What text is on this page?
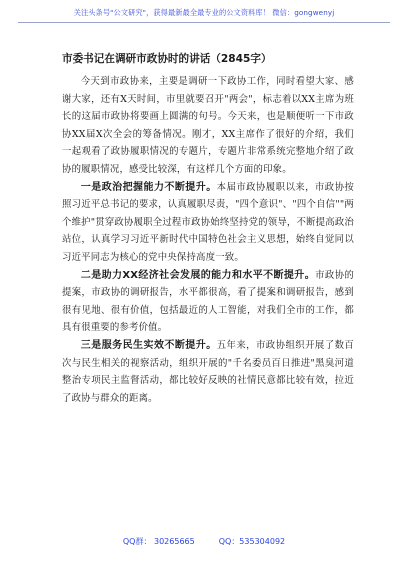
关注头条号"公文研究"，获得最新最全最专业的公文资料库！ 微信：gongwenyj
市委书记在调研市政协时的讲话（2845字）

今天到市政协来，主要是调研一下政协工作，同时看望大家、感谢大家，还有X天时间，市里就要召开"两会"，标志着以XX主席为班长的这届市政协将要画上圆满的句号。今天来，也是顺便听一下市政协XX届X次全会的筹备情况。刚才，XX主席作了很好的介绍，我们一起观看了政协履职情况的专题片，专题片非常系统完整地介绍了政协的履职情况，感受比较深，有这样几个方面的印象。

一是政治把握能力不断提升。本届市政协履职以来，市政协按照习近平总书记的要求，认真履职尽责，"四个意识"、"四个自信""两个维护"贯穿政协履职全过程市政协始终坚持党的领导，不断提高政治站位，认真学习习近平新时代中国特色社会主义思想，始终自觉同以习近平同志为核心的党中央保持高度一致。

二是助力XX经济社会发展的能力和水平不断提升。市政协的提案，市政协的调研报告，水平都很高，看了提案和调研报告，感到很有见地、很有价值，包括最近的人工智能，对我们全市的工作，都具有很重要的参考价值。

三是服务民生实效不断提升。五年来，市政协组织开展了数百次与民生相关的视察活动，组织开展的"千名委员百日推进"黑臭河道整治专项民主监督活动，都比较好反映的社情民意都比较有效，拉近了政协与群众的距离。

QQ群： 30265665	QQ：535304092
